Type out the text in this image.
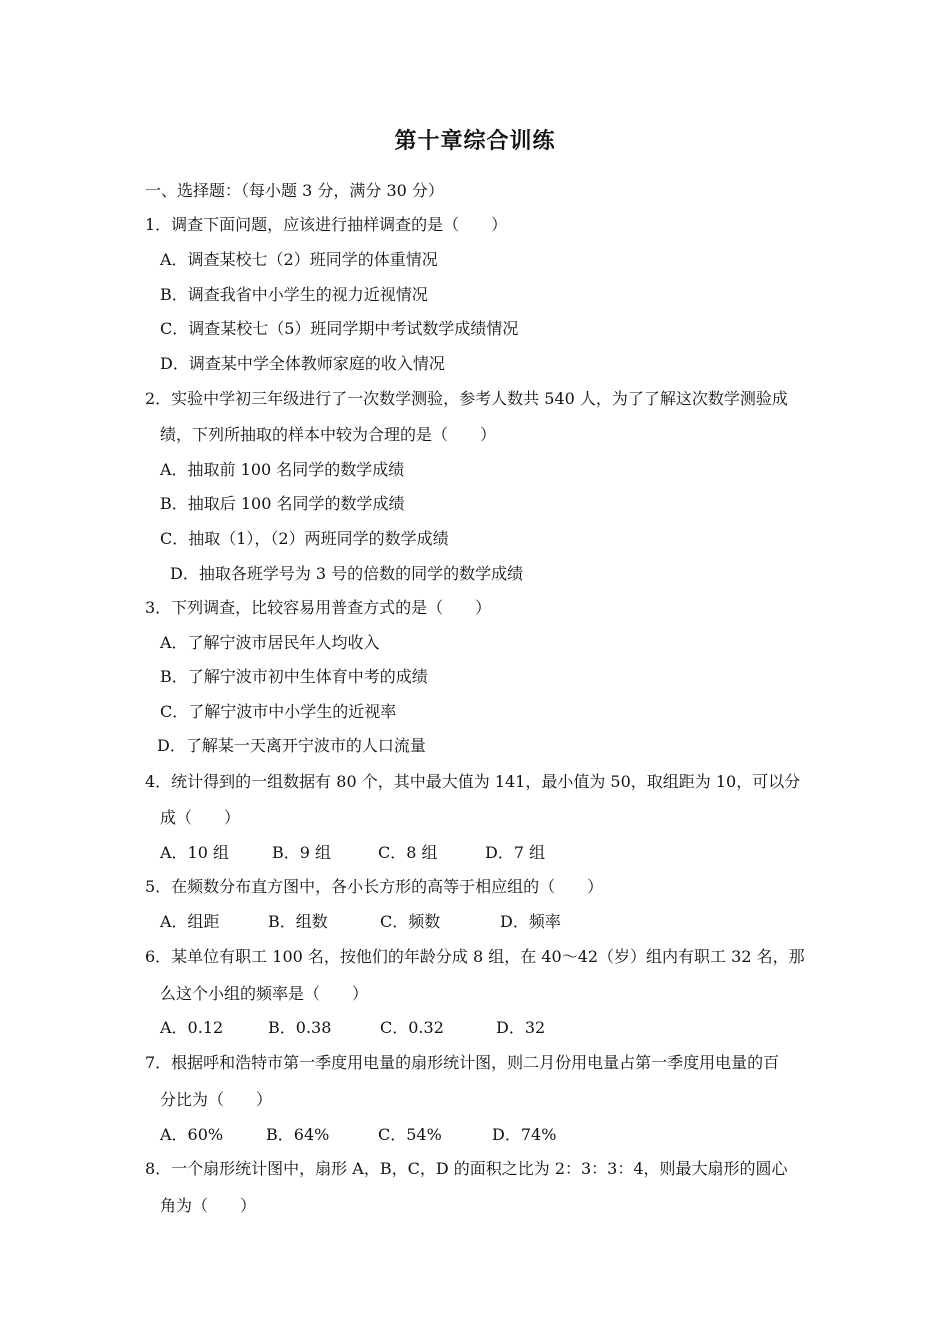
第十章综合训练
一、选择题：（每小题 3 分，满分 30 分）
1．调查下面问题，应该进行抽样调查的是（　　）
A．调查某校七（2）班同学的体重情况
B．调查我省中小学生的视力近视情况
C．调查某校七（5）班同学期中考试数学成绩情况
D．调查某中学全体教师家庭的收入情况
2．实验中学初三年级进行了一次数学测验，参考人数共 540 人，为了了解这次数学测验成
绩，下列所抽取的样本中较为合理的是（　　）
A．抽取前 100 名同学的数学成绩
B．抽取后 100 名同学的数学成绩
C．抽取（1），（2）两班同学的数学成绩
D．抽取各班学号为 3 号的倍数的同学的数学成绩
3．下列调查，比较容易用普查方式的是（　　）
A．了解宁波市居民年人均收入
B．了解宁波市初中生体育中考的成绩
C．了解宁波市中小学生的近视率
D．了解某一天离开宁波市的人口流量
4．统计得到的一组数据有 80 个，其中最大值为 141，最小值为 50，取组距为 10，可以分
成（　　）
A．10 组	B．9 组	C．8 组	D．7 组
5．在频数分布直方图中，各小长方形的高等于相应组的（　　）
A．组距	B．组数	C．频数	D．频率
6．某单位有职工 100 名，按他们的年龄分成 8 组，在 40～42（岁）组内有职工 32 名，那
么这个小组的频率是（　　）
A．0.12	B．0.38	C．0.32	D．32
7．根据呼和浩特市第一季度用电量的扇形统计图，则二月份用电量占第一季度用电量的百
分比为（　　）
A．60%	B．64%	C．54%	D．74%
8．一个扇形统计图中，扇形 A，B，C，D 的面积之比为 2：3：3：4，则最大扇形的圆心
角为（　　）
